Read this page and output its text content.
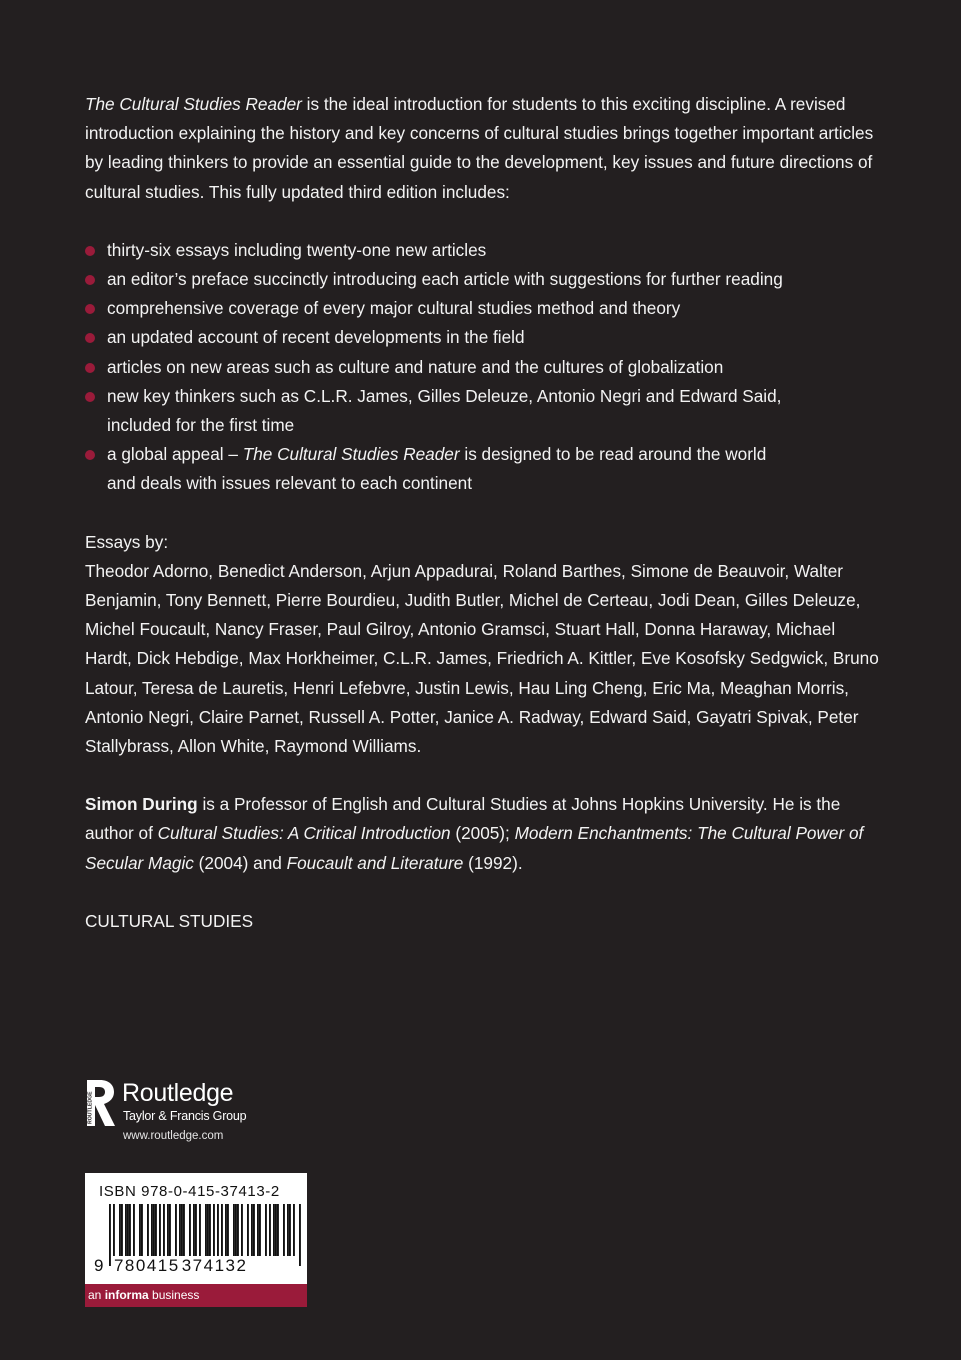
The Cultural Studies Reader is the ideal introduction for students to this exciting discipline. A revised introduction explaining the history and key concerns of cultural studies brings together important articles by leading thinkers to provide an essential guide to the development, key issues and future directions of cultural studies. This fully updated third edition includes:

thirty-six essays including twenty-one new articles
an editor’s preface succinctly introducing each article with suggestions for further reading
comprehensive coverage of every major cultural studies method and theory
an updated account of recent developments in the field
articles on new areas such as culture and nature and the cultures of globalization
new key thinkers such as C.L.R. James, Gilles Deleuze, Antonio Negri and Edward Said, included for the first time
a global appeal – The Cultural Studies Reader is designed to be read around the world and deals with issues relevant to each continent

Essays by:

Theodor Adorno, Benedict Anderson, Arjun Appadurai, Roland Barthes, Simone de Beauvoir, Walter Benjamin, Tony Bennett, Pierre Bourdieu, Judith Butler, Michel de Certeau, Jodi Dean, Gilles Deleuze, Michel Foucault, Nancy Fraser, Paul Gilroy, Antonio Gramsci, Stuart Hall, Donna Haraway, Michael Hardt, Dick Hebdige, Max Horkheimer, C.L.R. James, Friedrich A. Kittler, Eve Kosofsky Sedgwick, Bruno Latour, Teresa de Lauretis, Henri Lefebvre, Justin Lewis, Hau Ling Cheng, Eric Ma, Meaghan Morris, Antonio Negri, Claire Parnet, Russell A. Potter, Janice A. Radway, Edward Said, Gayatri Spivak, Peter Stallybrass, Allon White, Raymond Williams.

Simon During is a Professor of English and Cultural Studies at Johns Hopkins University. He is the author of Cultural Studies: A Critical Introduction (2005); Modern Enchantments: The Cultural Power of Secular Magic (2004) and Foucault and Literature (1992).

CULTURAL STUDIES

ROUTLEDGE Routledge
Taylor & Francis Group
www.routledge.com
ISBN 978-0-415-37413-2
9 780415 374132
an informa business
